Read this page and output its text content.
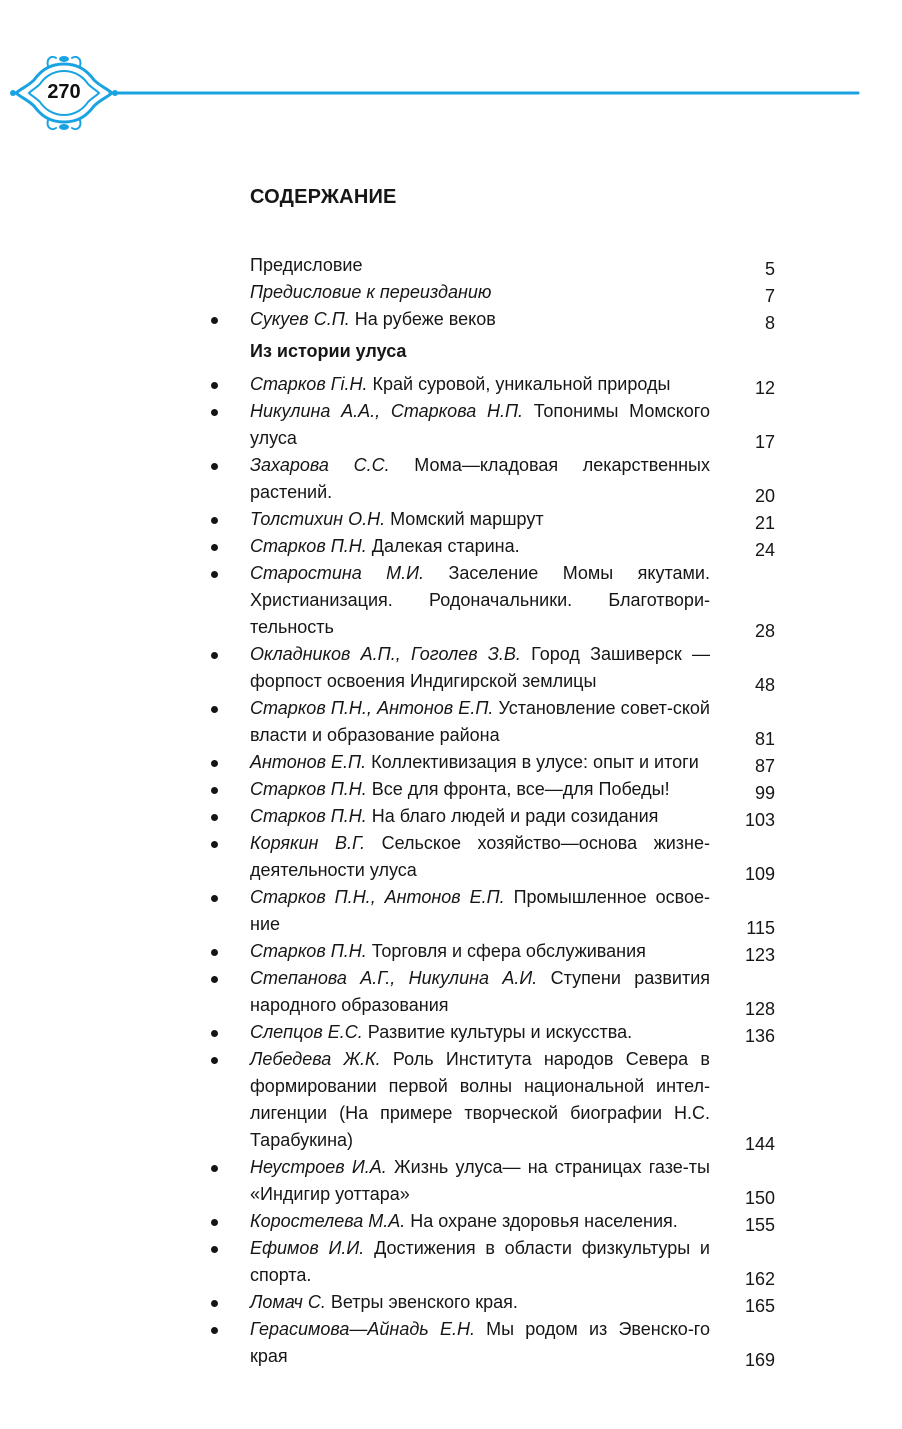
270
СОДЕРЖАНИЕ
Предисловие	5
Предисловие к переизданию	7
Сукуев С.П. На рубеже веков	8
Из истории улуса
Старков Гi.Н. Край суровой, уникальной природы	12
Никулина А.А., Старкова Н.П. Топонимы Момского улуса	17
Захарова С.С. Мома—кладовая лекарственных растений.	20
Толстихин О.Н. Момский маршрут	21
Старков П.Н. Далекая старина.	24
Старостина М.И. Заселение Момы якутами. Христианизация. Родоначальники. Благотвори-тельность	28
Окладников А.П., Гоголев З.В. Город Зашиверск — форпост освоения Индигирской землицы	48
Старков П.Н., Антонов Е.П. Установление совет-ской власти и образование района	81
Антонов Е.П. Коллективизация в улусе: опыт и итоги	87
Старков П.Н. Все для фронта, все—для Победы!	99
Старков П.Н. На благо людей и ради созидания	103
Корякин В.Г. Сельское хозяйство—основа жизне-деятельности улуса	109
Старков П.Н., Антонов Е.П. Промышленное освое-ние	115
Старков П.Н. Торговля и сфера обслуживания	123
Степанова А.Г., Никулина А.И. Ступени развития народного образования	128
Слепцов Е.С. Развитие культуры и искусства.	136
Лебедева Ж.К. Роль Института народов Севера в формировании первой волны национальной интел-лигенции (На примере творческой биографии Н.С. Тарабукина)	144
Неустроев И.А. Жизнь улуса— на страницах газе-ты «Индигир уоттара»	150
Коростелева М.А. На охране здоровья населения.	155
Ефимов И.И. Достижения в области физкультуры и спорта.	162
Ломач С. Ветры эвенского края.	165
Герасимова—Айнадь Е.Н. Мы родом из Эвенско-го края	169
